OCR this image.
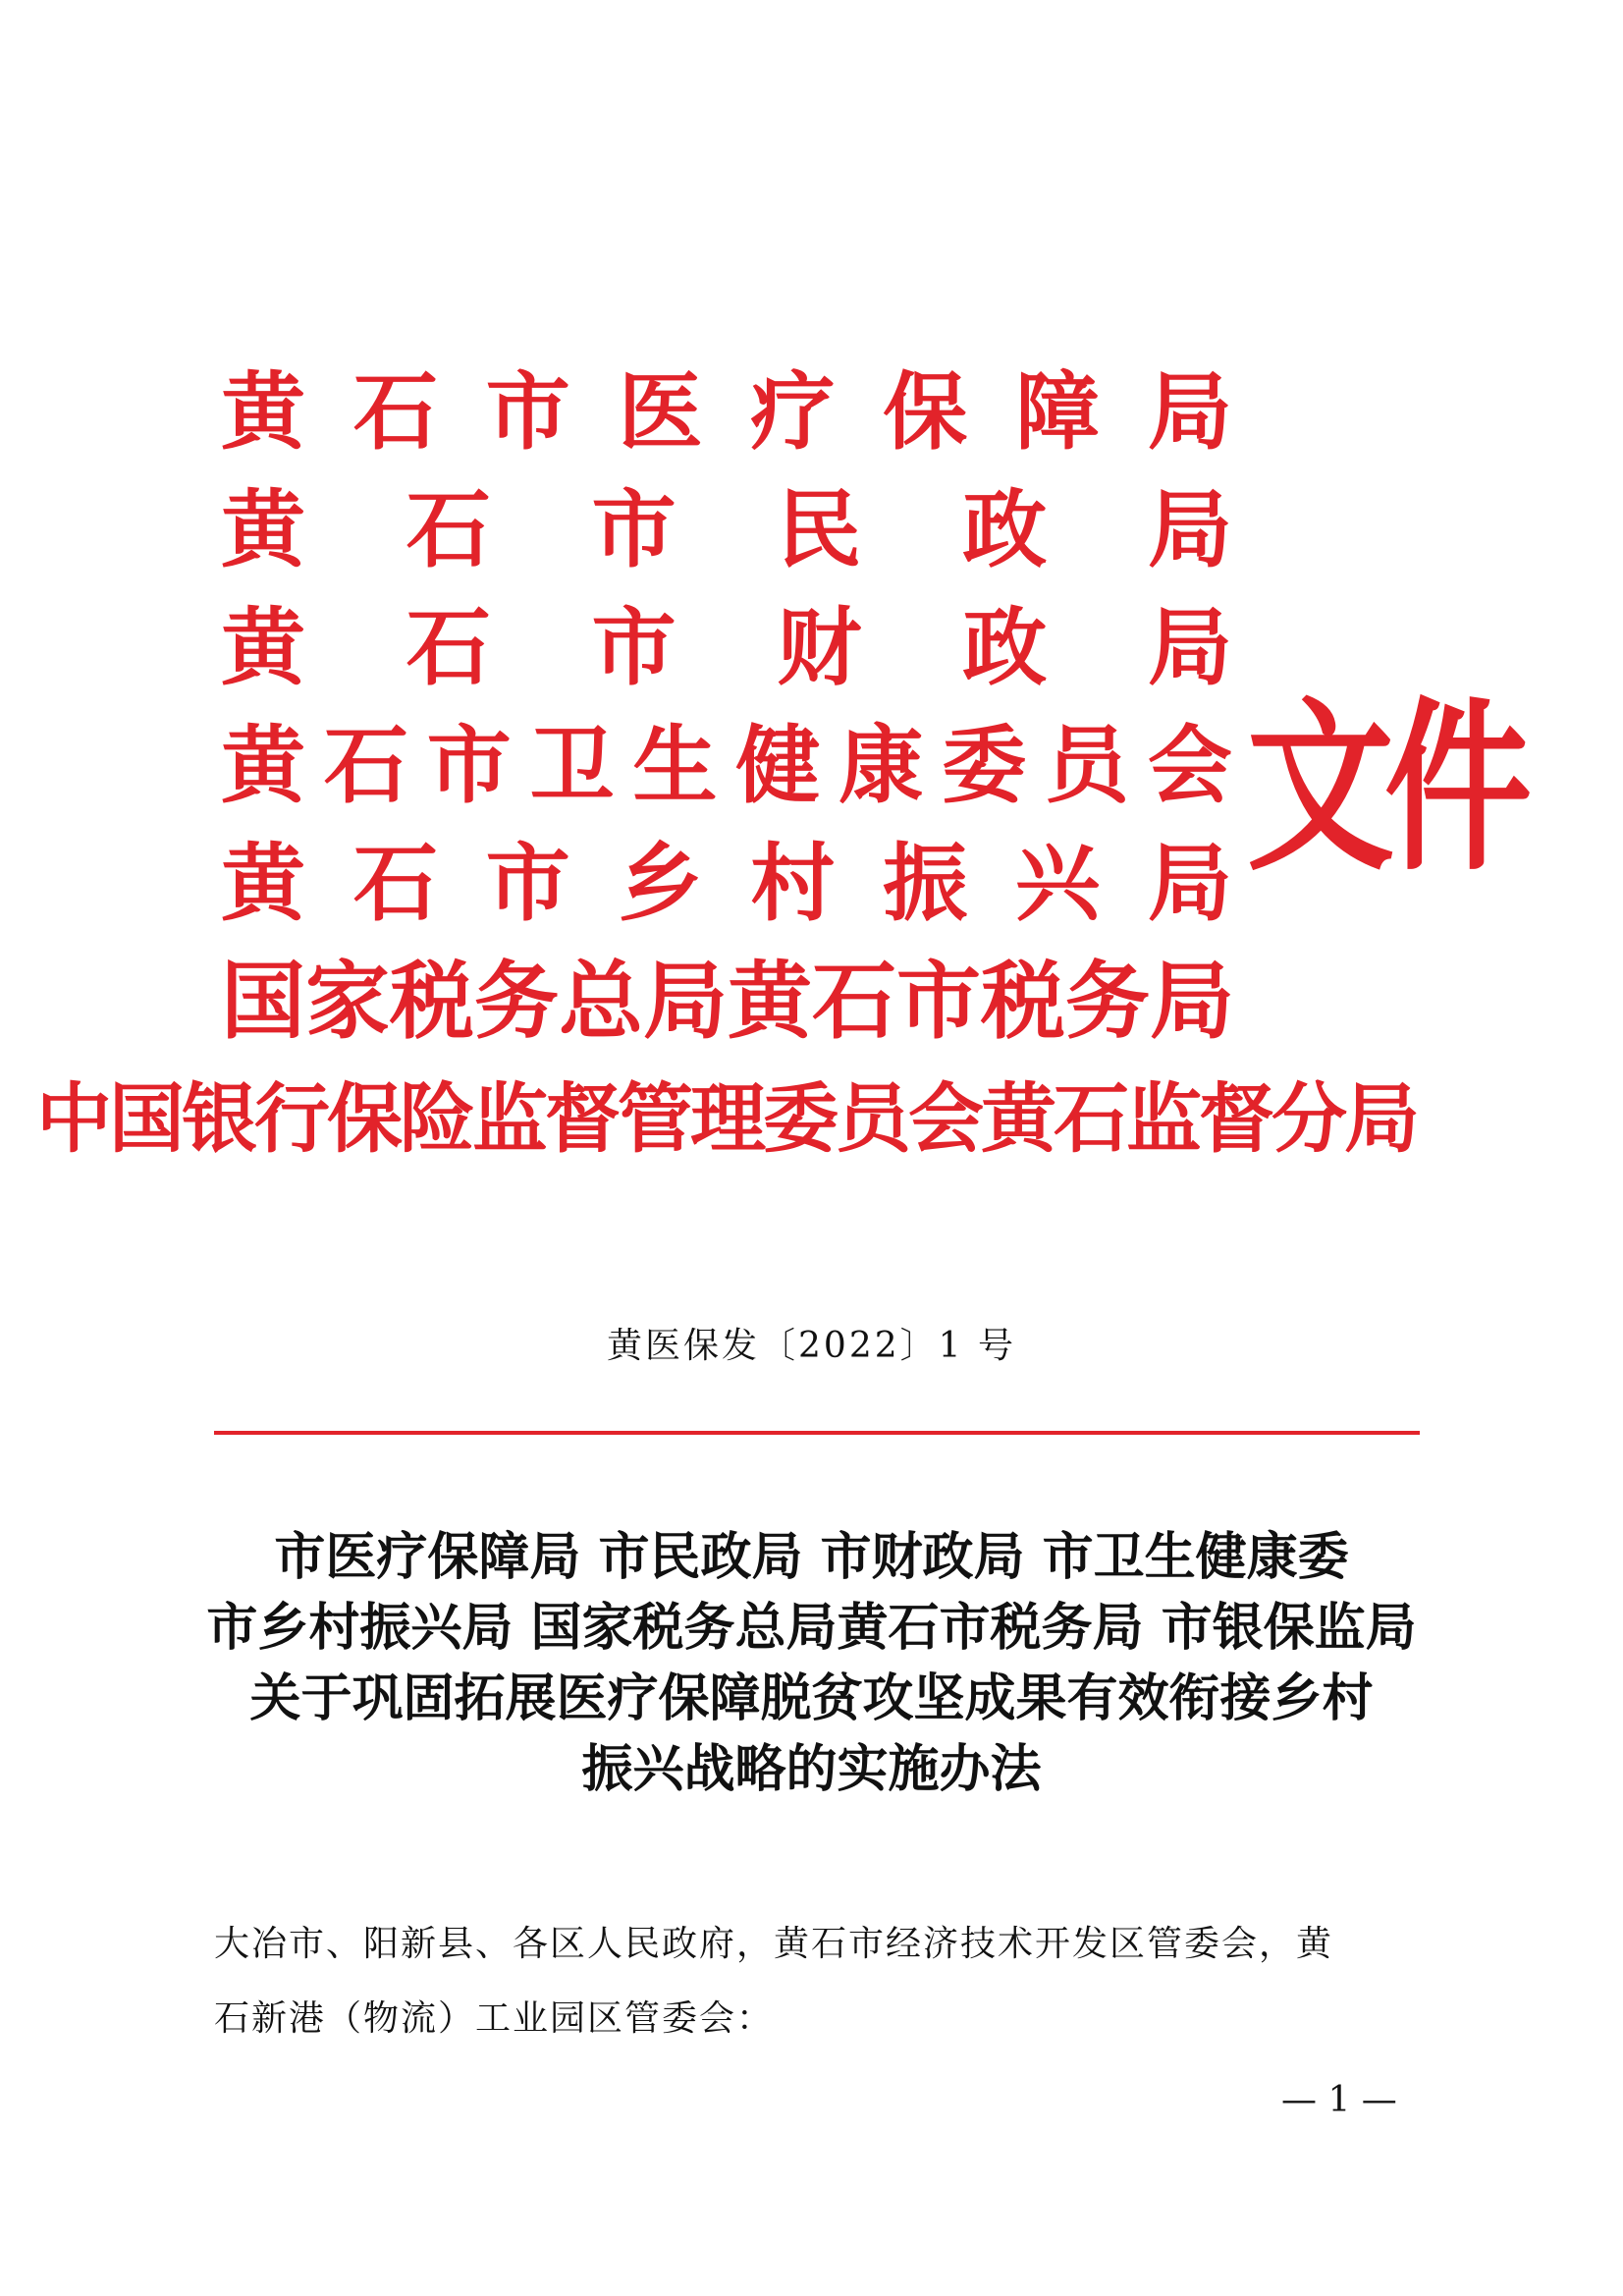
黄 石 市 医 疗 保 障 局
黄 石 市 民 政 局
黄 石 市 财 政 局
黄 石 市 卫 生 健 康 委 员 会
黄 石 市 乡 村 振 兴 局
国 家 税 务 总 局 黄 石 市 税 务 局
中国银行保险监督管理委员会黄石监督分局
文件
黄医保发〔2022〕1 号
市医疗保障局 市民政局 市财政局 市卫生健康委
市乡村振兴局 国家税务总局黄石市税务局 市银保监局
关于巩固拓展医疗保障脱贫攻坚成果有效衔接乡村
振兴战略的实施办法
大冶市、阳新县、各区人民政府，黄石市经济技术开发区管委会，黄
石新港（物流）工业园区管委会：
— 1 —
